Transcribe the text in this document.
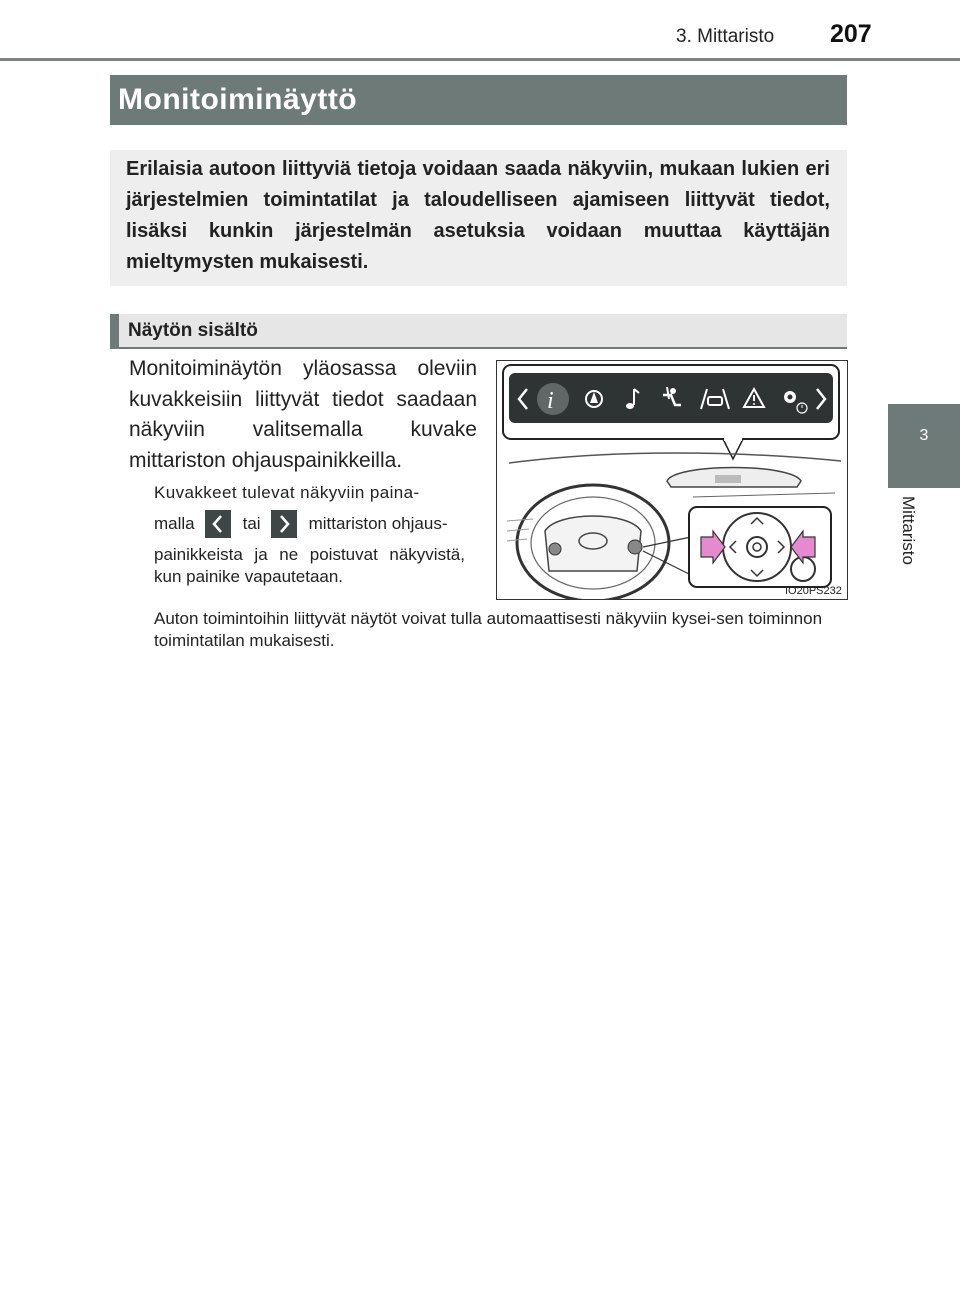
3. Mittaristo 207
3
Mittaristo
Monitoiminäyttö
Erilaisia autoon liittyviä tietoja voidaan saada näkyviin, mukaan lukien eri järjestelmien toimintatilat ja taloudelliseen ajamiseen liittyvät tiedot, lisäksi kunkin järjestelmän asetuksia voidaan muuttaa käyttäjän mieltymysten mukaisesti.
Näytön sisältö
Monitoiminäytön yläosassa oleviin kuvakkeisiin liittyvät tiedot saadaan näkyviin valitsemalla kuvake mittariston ohjauspainikkeilla.
Kuvakkeet tulevat näkyviin paina-
malla	tai	mittariston ohjaus-
painikkeista ja ne poistuvat näkyvistä, kun painike vapautetaan.
Auton toimintoihin liittyvät näytöt voivat tulla automaattisesti näkyviin kysei-sen toiminnon toimintatilan mukaisesti.
i
IO20PS232
